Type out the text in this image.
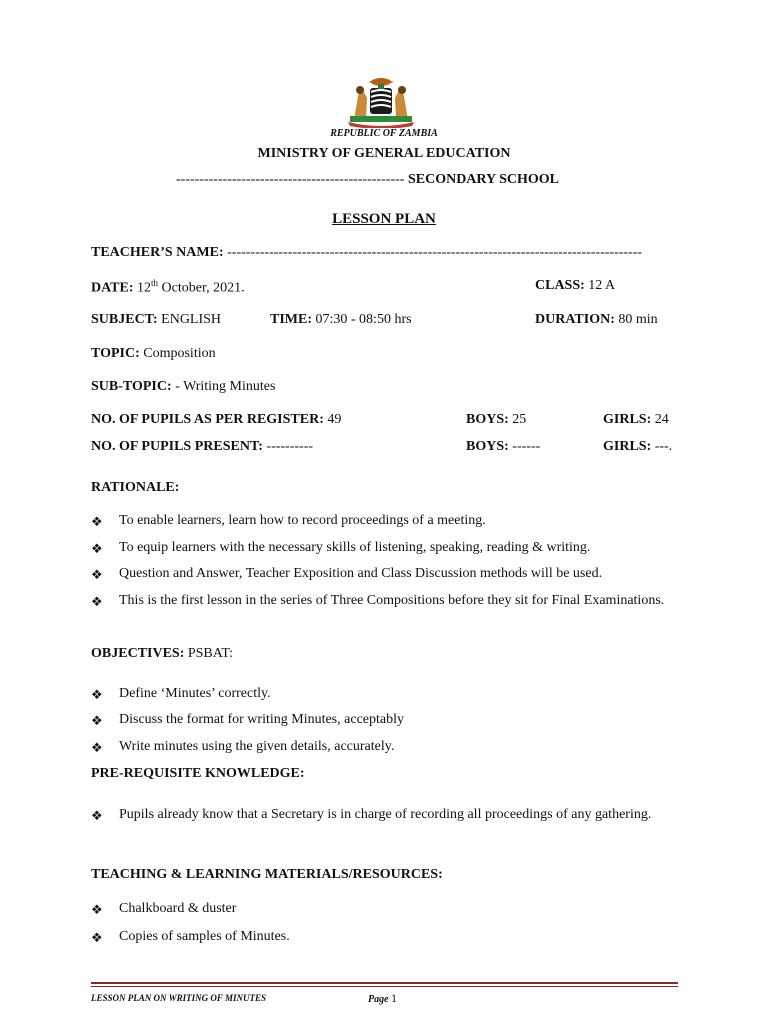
REPUBLIC OF ZAMBIA
MINISTRY OF GENERAL EDUCATION
------------------------------------------------- SECONDARY SCHOOL
LESSON PLAN
TEACHER’S NAME: -----------------------------------------------------------------------------------------
DATE: 12th October, 2021.	CLASS: 12 A
SUBJECT: ENGLISH	TIME: 07:30 - 08:50 hrs	DURATION: 80 min
TOPIC: Composition
SUB-TOPIC: - Writing Minutes
NO. OF PUPILS AS PER REGISTER: 49	BOYS: 25	GIRLS: 24
NO. OF PUPILS PRESENT: ----------	BOYS: ------	GIRLS: ---.
RATIONALE:
❖ To enable learners, learn how to record proceedings of a meeting.
❖ To equip learners with the necessary skills of listening, speaking, reading & writing.
❖ Question and Answer, Teacher Exposition and Class Discussion methods will be used.
❖ This is the first lesson in the series of Three Compositions before they sit for Final Examinations.
OBJECTIVES: PSBAT:
❖ Define ‘Minutes’ correctly.
❖ Discuss the format for writing Minutes, acceptably
❖ Write minutes using the given details, accurately.
PRE-REQUISITE KNOWLEDGE:
❖ Pupils already know that a Secretary is in charge of recording all proceedings of any gathering.
TEACHING & LEARNING MATERIALS/RESOURCES:
❖ Chalkboard & duster
❖ Copies of samples of Minutes.
LESSON PLAN ON WRITING OF MINUTES	Page 1
